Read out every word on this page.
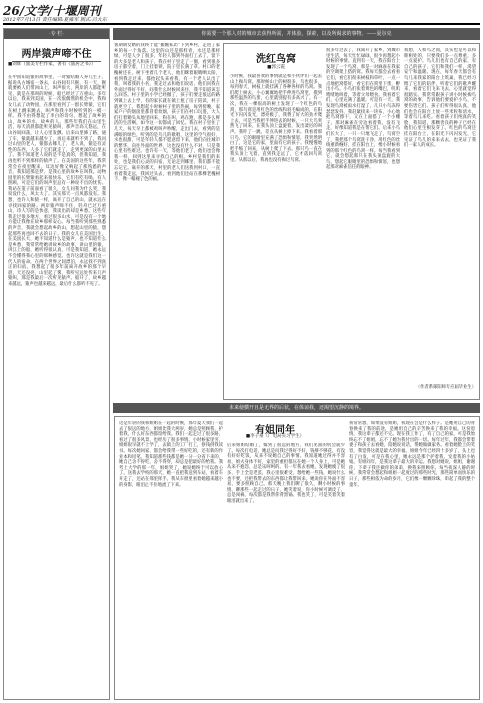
26/文学/十堰周刊
2012年7月13日 责任编辑:夏雍军 版式:吕大东
·专 栏·
两岸猿声啼不住
■刘辉（旅美专栏作家，著有《旅居之书》）
在中国知道猿的故事里，一对猿结婚人养儿生子，据说从古城宿一条去，山谷间有只猴，有一天，猴就要被人们带回山上，叫声很大，两岸的人都能听见，就是在那叫的时候，船已经过了万重山。多年以后，我来到美国，在一次很偶然的机会中，我和女儿去了动物园，在那里看到了一群长臂猿，它们在树上跳来跳去，叫声和我小时候听到的一模一样。我不由得想起了李白的诗句，想起了故乡的山，故乡的水，故乡的人。那些年我们在山里生活，每天清晨都能听见猿叫，那声音高亢悠远，在山谷间回荡，让人心里发颤。后来山里修了路，通了车，猿就越来越少了，再后来就听不到了。我问过山里的老人，猿都去哪儿了，老人说，猿是有灵性的东西，人多了它们就走了，走到更深的山里去了。我不知道老人说的是不是真的，但我知道，我再也听不到那样的猿声了。在美国的这些年，我常常会在夜里醒来，耳边好像又响起了那熟悉的声音，我知道那是梦，是我心里的故乡在叫我。动物园里的长臂猿看起来很快乐，它们有吃有喝，有人照顾，可是它们的叫声里总有一种说不出的忧伤。我站在笼子前面看了很久，女儿问我为什么哭，我说没什么，风太大了。其实那天一点风都没有。我想，也许人和猿一样，离开了自己的山，就永远在寻找回家的路。两岸猿声啼不住，轻舟已过万重山，诗人写的是快意，我读出的却是乡愁。这些年我走过很多地方，看过很多山水，可是没有一个地方能让我像在故乡那样安心。每当我听到那些熟悉的声音，我就会想起故乡的山，想起山里的猿，想起那些再也回不去的日子。我的女儿在美国出生，在美国长大，她不知道什么是猿声，也不知道什么是乡愁，我常常给她讲故乡的故事，讲山里的猿，讲江上的船，她听得很认真，可是我知道，她永远不会懂得我心里的那种感觉。也许这就是我们这一代人的宿命，在两个世界之间漂泊，永远找不到真正的归宿。我想起了很多年前离开故乡的那个早晨，天还没亮，山里起了雾，我听见远处传来几声猿叫，那是我最后一次听见猿声。船开了，故乡越来越远，猿声也越来越远，最后什么都听不见了。
你需要一个那人对的城市去获得所需，并体验，探索，以及所渴求的事物。——夏尔克
暑期期女婿的我终于能“搬醒私访”下到乡村，走进了家乡的每一个角落。这里的山还是那样青，水还是那样绿，可是人少了很多，年轻人都到外面打工去了，留下的大多是老人和孩子。我在村子里走了一圈，看到很多房子都空着，门上挂着锁，院子里长满了草。村口的老槐树还在，树下坐着几个老人，他们眯着眼睛晒太阳，看到我走过来，都抬起头来看我，有一个老人认出了我，叫着我的小名，我走过去和他们说话，他们问我在外面过得好不好，问我什么时候回来住，我不知道该怎么回答。村子里的小学已经撤了，孩子们要走很远的路到镇上去上学，有的家长就在镇上租了房子陪读，村子就更空了。我想起小时候村子里的热闹，每到傍晚，家家户户的烟囱里都冒着炊烟，孩子们在村口玩耍，大人们扛着锄头从地里回来，狗在叫，鸡在跑，那是多么鲜活的生活啊。如今这一切都成了回忆。我在村子里住了几天，每天早上都被鸡叫声吵醒，走出门去，看到的是满眼的绿色，听到的是鸟儿的歌唱，这里的空气很好，水也很甜，可是年轻人都不愿意留下来，他们向往城市的繁华，向往外面的世界，这也没有什么不对，只是我心里有些难过。也许有一天，等他们老了，他们也会像我一样，回到这里来寻找自己的根。乡村是我们的来处，也是我们心灵的归宿，无论走到哪里，我们都不能忘记它。离开的那天，村里的老人们送我到村口，一直看着我走远，我回过头去，看到他们还站在那棵老槐树下，像一幅褪了色的画。
洗红鸟窝
■郭云霞
小时候，我最喜欢的事情就是和小伙伴们一起去山上掏鸟窝。那时候山上的树很多，鸟也很多，每到春天，树枝上就挂满了各种各样的鸟窝。我们爬上树去，小心翼翼地把手伸进鸟窝里，摸到那些温热的鸟蛋，心里就别提有多高兴了。有一次，我在一棵很高的树上发现了一个红色的鸟窝，那鸟窝是用红色的丝线和羽毛编成的，在阳光下闪闪发光，漂亮极了。我费了好大的劲才爬上去，可是当我把手伸进去的时候，一只大鸟突然飞了回来，在我头顶上盘旋着，发出凄厉的叫声。我吓了一跳，差点从树上掉下来。我看着那只鸟，它的眼睛里充满了恐惧和愤怒，我突然明白了，这是它的家，里面有它的孩子。我慢慢地把手缩了回来，从树上爬了下去。那只鸟一直在我头顶上飞着，直到我走远了，它才落回鸟窝里。从那以后，我再也没有掏过鸟窝。
很多年过去了，我离开了家乡，到城市里生活，每天忙忙碌碌，很少再想起小时候的事情。直到有一天，我在阳台上发现了一个鸟窝，那是一对麻雀在我家的空调架上搭的窝。我每天都会去看看它们，看它们衔来树枝和草叶，一点一点地把窝搭好，看它们在窝里下蛋，孵出小鸟。小鸟们张着黄色的嘴巴，叽叽喳喳地叫着，等着父母喂食。我看着它们，心里充满了温暖。可是有一天，我发现鸟窝被雨水打湿了，几只小鸟冻得瑟瑟发抖，我赶紧找来一块布，小心地把鸟窝擦干，又在上面搭了一个小棚子。那对麻雀在旁边看着我，没有飞走，好像知道我是在帮它们。后来小鸟们长大了，一只一只地飞走了，鸟窝空了，我把那个鸟窝洗干净，用红色的丝线重新缠好，挂在阳台上，像小时候看到的那个红色的鸟窝一样。每当我看到它，就会想起那只在我头顶盘旋的大鸟，想起它眼睛里的恐惧和愤怒，也想起那对麻雀信任的眼神。
我想，人和鸟之间，其实也是可以和睦相处的，只要我们多一点尊重，多一点爱护。鸟儿们也有自己的家，有自己的孩子，它们和我们一样，渴望安宁和温暖。现在，每年春天都会有鸟儿来我家的阳台上筑巢，我已经习惯了它们的陪伴，听着它们的歌声醒来，看着它们飞来飞去，心里就觉得很踏实。我常常跟孩子讲小时候掏鸟窝的故事，告诉他们要爱护小鸟，不要伤害它们。孩子们听得很认真，他们也会在阳台上放一些米粒和清水，等着鸟儿来吃。看着孩子们纯真的笑脸，我知道，那颗善良的种子已经在他们心里生根发芽了。红色的鸟窝还挂在阳台上，在阳光下闪闪发光，它见证了鸟儿的来来去去，也见证了我们一家人的成长。
（作者系郧阳师专应届毕业生）
未来使横开且是无界的后状，在体谅我，还渴望沉静的境界。
这是年轻的我和姐姐在一起的时候，那年夏天我们一起去了很远的地方，姐姐比我大两岁，她总是照顾我，护着我，什么好东西都留给我。我们一起走过了很多路，看过了很多风景，也经历了很多事情。小时候家里穷，姐姐很早就不上学了，去镇上的工厂打工，挣钱供我读书。每次她回家，都会给我带一些好吃的，还有新的作业本和铅笔。我知道那些钱都是她一分一分省下来的，她自己舍不得吃，舍不得穿，却总是把最好的给我。我考上大学的那一年，姐姐哭了，她说她终于可以放心了。送我去学校的那天，她一直把我送到车站，看着车开走了，还站在那里挥手。我从车窗里看着她越来越小的身影，眼泪止不住地流了下来。
有姐同年
■李子豪（广电局实习学生）
后来姐姐结婚了，嫁到了很远的地方，我们见面的机会就少了。每次打电话，她总是问我过得好不好，钱够不够花，有没有好好吃饭，从来不说她自己的事情。我知道她过得并不容易，姐夫身体不好，家里的重担都压在她一个人身上，可是她从来不抱怨，总是乐呵呵的。有一年我去看她，发现她瘦了很多，手上全是老茧，我心里很难受，想给她一些钱，她说什么也不要，还把我带去的东西都让我带回来。她说你在外面不容易，要多照顾自己。那天晚上我们聊了很久，聊小时候的事情，聊那些一起走过的日子，她笑着说，你小时候可调皮了，总是闯祸，每次都是我帮你背黑锅。我也笑了，可是笑着笑着眼泪就出来了。
我常常想，如果没有姐姐，我现在会是什么样子。是她用自己的青春换来了我的前途，是她用自己的辛苦换来了我的幸福。这份恩情，我这辈子都还不完。现在我工作了，有了自己的家，可是我始终忘不了姐姐，忘不了她为我付出的一切。每年过年，我都会带着妻子和孩子去看她，陪她说说话，帮她做做家务。看着她脸上的笑容，我觉得这就是最大的幸福。姐姐今年已经四十多岁了，头上也有了白发，可是在我心里，她永远是那个护着我、宠着我的小姑娘。有姐同年，是我这辈子最大的幸运。我想对她说，姐姐，谢谢你，下辈子我还做你的弟弟，换我来照顾你。每当夜深人静的时候，我常常会想起和姐姐一起度过的那些时光，那些简单而快乐的日子，那些相依为命的岁月，它们像一颗颗珍珠，串起了我的整个童年。
